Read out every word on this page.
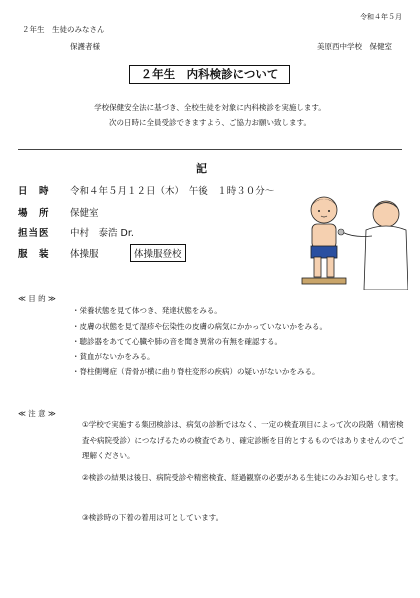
令和４年５月
２年生　生徒のみなさん
保護者様	美原西中学校　保健室
２年生　内科検診について
学校保健安全法に基づき、全校生徒を対象に内科検診を実施します。
次の日時に全員受診できますよう、ご協力お願い致します。
記
日　時 令和４年５月１２日（木）　午後　１時３０分～
場　所 保健室
担当医 中村　泰浩 Dr.
服　装 体操服	体操服登校
≪ 目 的 ≫
・栄養状態を見て体つき、発達状態をみる。
・皮膚の状態を見て湿疹や伝染性の皮膚の病気にかかっていないかをみる。
・聴診器をあてて心臓や肺の音を聞き異常の有無を確認する。
・貧血がないかをみる。
・脊柱側彎症（背骨が横に曲り脊柱変形の疾病）の疑いがないかをみる。
≪ 注 意 ≫
①学校で実施する集団検診は、病気の診断ではなく、一定の検査項目によって次の段階（精密検査や病院受診）につなげるための検査であり、確定診断を目的とするものではありませんのでご理解ください。
②検診の結果は後日、病院受診や精密検査、経過観察の必要がある生徒にのみお知らせします。
③検診時の下着の着用は可としています。
